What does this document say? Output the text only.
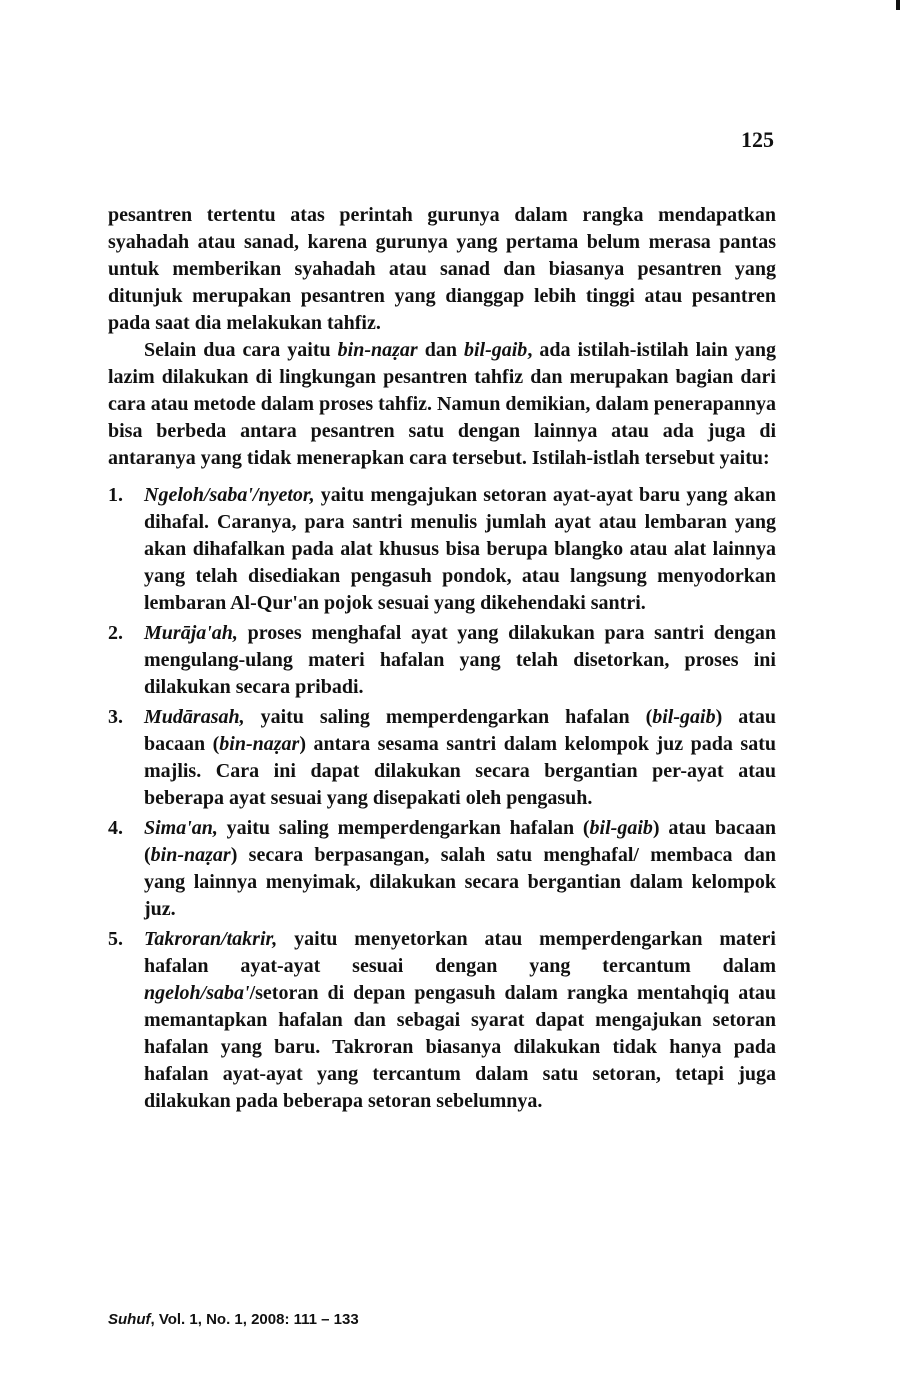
125

pesantren tertentu atas perintah gurunya dalam rangka mendapatkan syahadah atau sanad, karena gurunya yang pertama belum merasa pantas untuk memberikan syahadah atau sanad dan biasanya pesantren yang ditunjuk merupakan pesantren yang dianggap lebih tinggi atau pesantren pada saat dia melakukan tahfiz.

Selain dua cara yaitu bin-naẓar dan bil-gaib, ada istilah-istilah lain yang lazim dilakukan di lingkungan pesantren tahfiz dan merupakan bagian dari cara atau metode dalam proses tahfiz. Namun demikian, dalam penerapannya bisa berbeda antara pesantren satu dengan lainnya atau ada juga di antaranya yang tidak menerapkan cara tersebut. Istilah-istlah tersebut yaitu:

1. Ngeloh/saba'/nyetor, yaitu mengajukan setoran ayat-ayat baru yang akan dihafal. Caranya, para santri menulis jumlah ayat atau lembaran yang akan dihafalkan pada alat khusus bisa berupa blangko atau alat lainnya yang telah disediakan pengasuh pondok, atau langsung menyodorkan lembaran Al-Qur'an pojok sesuai yang dikehendaki santri.
2. Murāja'ah, proses menghafal ayat yang dilakukan para santri dengan mengulang-ulang materi hafalan yang telah disetorkan, proses ini dilakukan secara pribadi.
3. Mudārasah, yaitu saling memperdengarkan hafalan (bil-gaib) atau bacaan (bin-naẓar) antara sesama santri dalam kelompok juz pada satu majlis. Cara ini dapat dilakukan secara bergantian per-ayat atau beberapa ayat sesuai yang disepakati oleh pengasuh.
4. Sima'an, yaitu saling memperdengarkan hafalan (bil-gaib) atau bacaan (bin-naẓar) secara berpasangan, salah satu menghafal/ membaca dan yang lainnya menyimak, dilakukan secara bergantian dalam kelompok juz.
5. Takroran/takrir, yaitu menyetorkan atau memperdengarkan materi hafalan ayat-ayat sesuai dengan yang tercantum dalam ngeloh/saba'/setoran di depan pengasuh dalam rangka mentahqiq atau memantapkan hafalan dan sebagai syarat dapat mengajukan setoran hafalan yang baru. Takroran biasanya dilakukan tidak hanya pada hafalan ayat-ayat yang tercantum dalam satu setoran, tetapi juga dilakukan pada beberapa setoran sebelumnya.
Suhuf, Vol. 1, No. 1, 2008: 111 – 133
